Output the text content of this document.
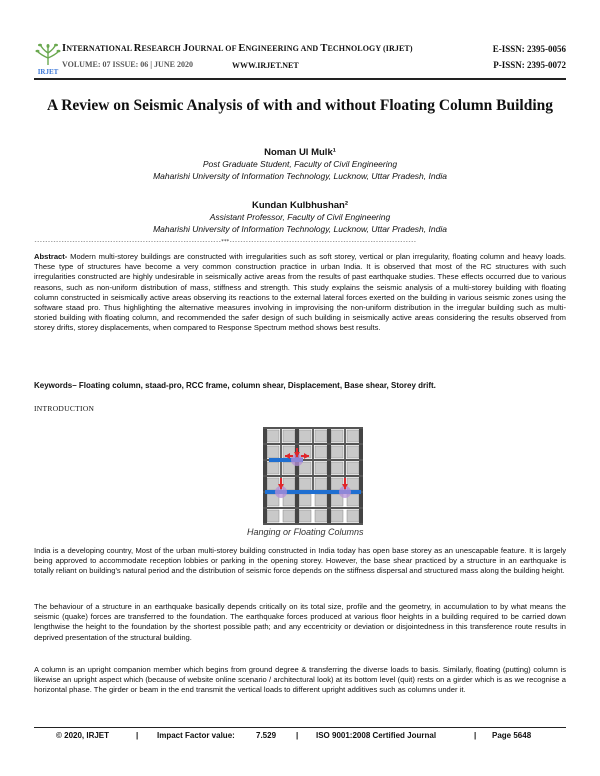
IRJET
INTERNATIONAL RESEARCH JOURNAL OF ENGINEERING AND TECHNOLOGY (IRJET)	E-ISSN: 2395-0056
VOLUME: 07 ISSUE: 06 | JUNE 2020	WWW.IRJET.NET	P-ISSN: 2395-0072
A Review on Seismic Analysis of with and without Floating Column Building
Noman Ul Mulk¹
Post Graduate Student, Faculty of Civil Engineering
Maharishi University of Information Technology, Lucknow, Uttar Pradesh, India
Kundan Kulbhushan²
Assistant Professor, Faculty of Civil Engineering
Maharishi University of Information Technology, Lucknow, Uttar Pradesh, India
---------------------------------------------------------------------***---------------------------------------------------------------------
Abstract- Modern multi-storey buildings are constructed with irregularities such as soft storey, vertical or plan irregularity, floating column and heavy loads. These type of structures have become a very common construction practice in urban India. It is observed that most of the RC structures with such irregularities constructed are highly undesirable in seismically active areas from the results of past earthquake studies. These effects occurred due to various reasons, such as non-uniform distribution of mass, stiffness and strength. This study explains the seismic analysis of a multi-storey building with floating column constructed in seismically active areas observing its reactions to the external lateral forces exerted on the building in various seismic zones using the software staad pro. Thus highlighting the alternative measures involving in improvising the non-uniform distribution in the irregular building such as multi-storied building with floating column, and recommended the safer design of such building in seismically active areas considering the results observed from storey drifts, storey displacements, when compared to Response Spectrum method shows best results.
Keywords– Floating column, staad-pro, RCC frame, column shear, Displacement, Base shear, Storey drift.
INTRODUCTION
Hanging or Floating Columns
India is a developing country, Most of the urban multi-storey building constructed in India today has open base storey as an unescapable feature. It is largely being approved to accommodate reception lobbies or parking in the opening storey. However, the base shear practiced by a structure in an earthquake is totally reliant on building's natural period and the distribution of seismic force depends on the stiffness dispersal and structured mass along the building height.
The behaviour of a structure in an earthquake basically depends critically on its total size, profile and the geometry, in accumulation to by what means the seismic (quake) forces are transferred to the foundation. The earthquake forces produced at various floor heights in a building required to be carried down lengthwise the height to the foundation by the shortest possible path; and any eccentricity or deviation or disjointedness in this transference route results in deprived presentation of the structural building.
A column is an upright companion member which begins from ground degree & transferring the diverse loads to basis. Similarly, floating (putting) column is likewise an upright aspect which (because of website online scenario / architectural look) at its bottom level (quit) rests on a girder which is as we recognise a horizontal phase. The girder or beam in the end transmit the vertical loads to different upright additives such as columns under it.
© 2020, IRJET	| Impact Factor value:	7.529 | ISO 9001:2008 Certified Journal	| Page 5648
